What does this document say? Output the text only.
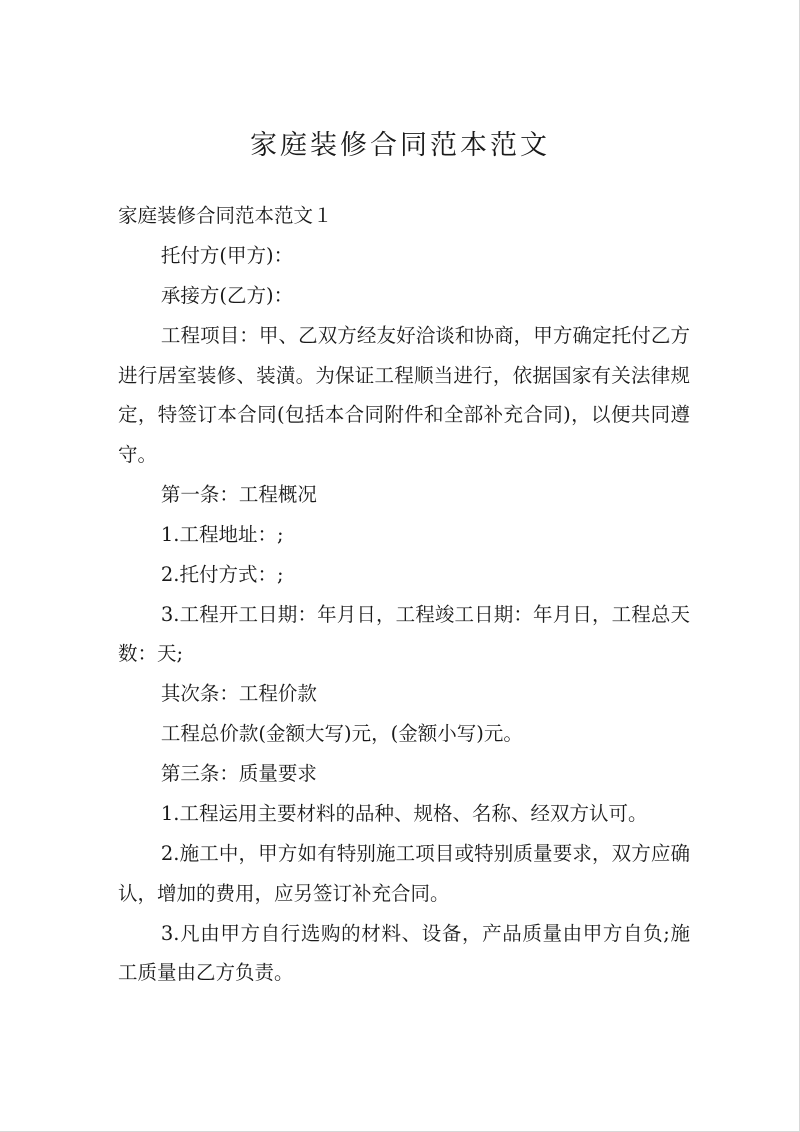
家庭装修合同范本范文

家庭装修合同范本范文１

托付方(甲方)：

承接方(乙方)：

工程项目：甲、乙双方经友好洽谈和协商，甲方确定托付乙方进行居室装修、装潢。为保证工程顺当进行，依据国家有关法律规定，特签订本合同(包括本合同附件和全部补充合同)，以便共同遵守。

第一条：工程概况

1.工程地址：;

2.托付方式：;

3.工程开工日期：年月日，工程竣工日期：年月日，工程总天数：天;

其次条：工程价款

工程总价款(金额大写)元，(金额小写)元。

第三条：质量要求

1.工程运用主要材料的品种、规格、名称、经双方认可。

2.施工中，甲方如有特别施工项目或特别质量要求，双方应确认，增加的费用，应另签订补充合同。

3.凡由甲方自行选购的材料、设备，产品质量由甲方自负;施工质量由乙方负责。
